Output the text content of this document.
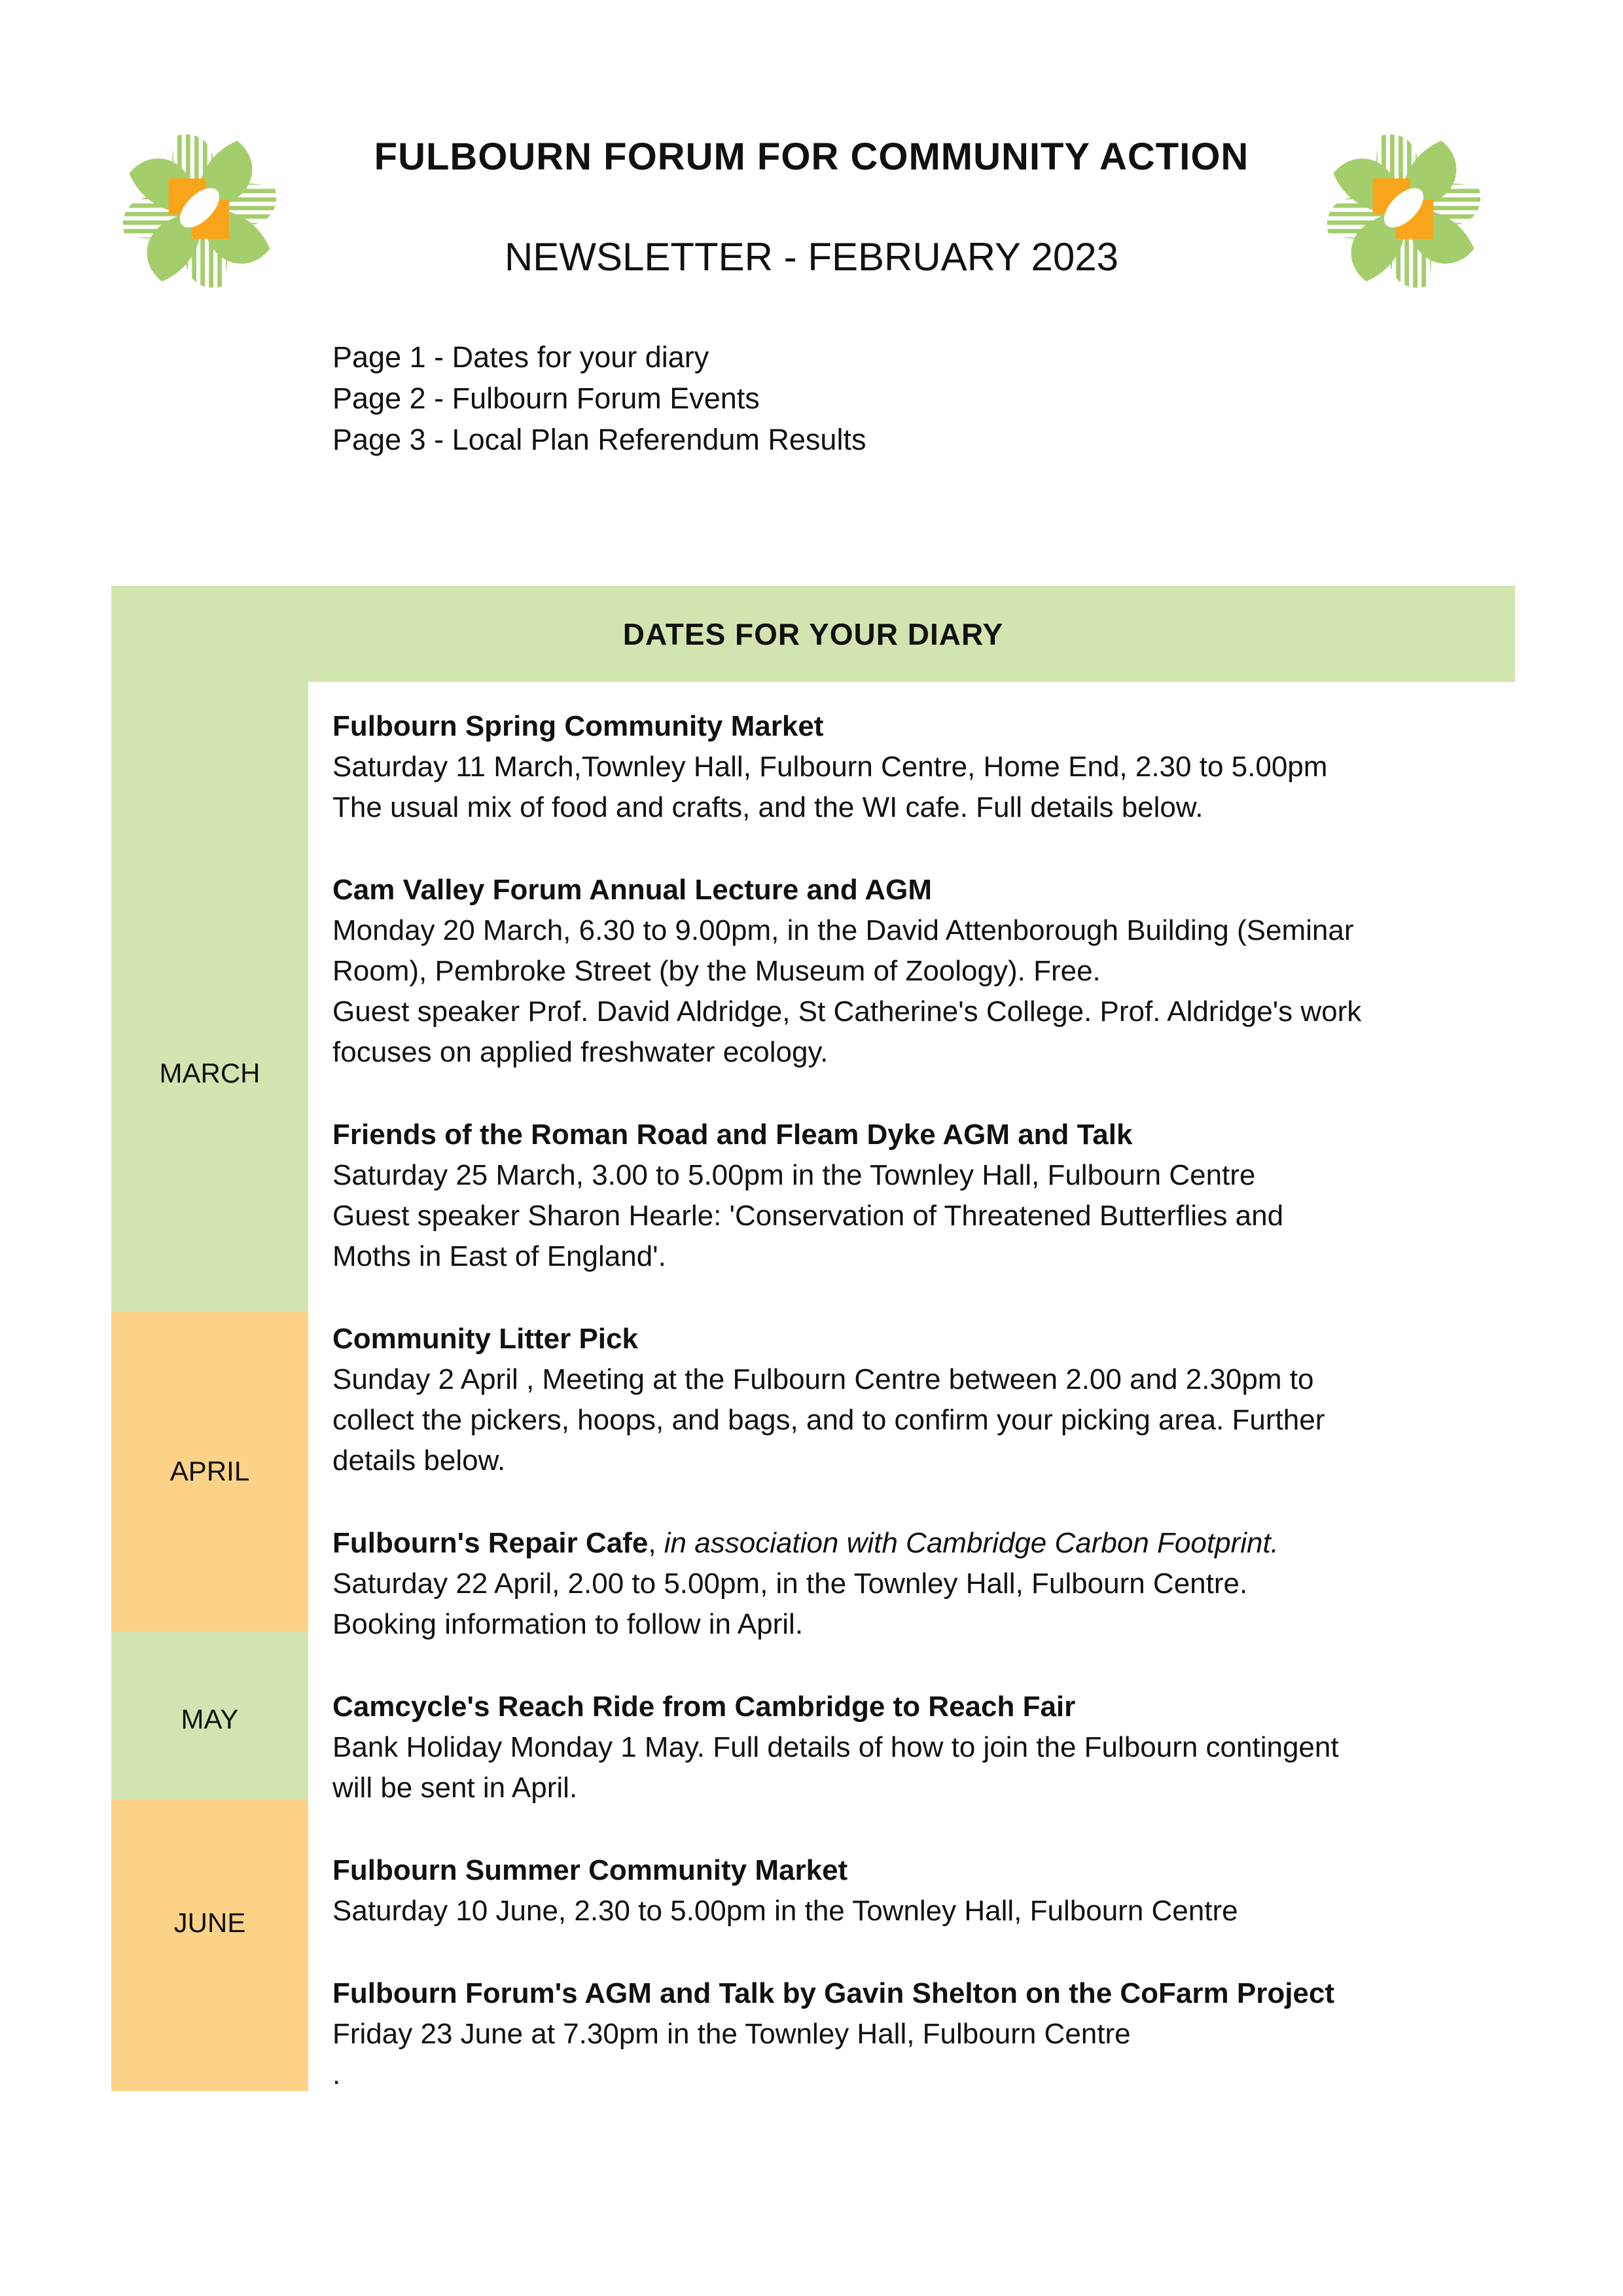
FULBOURN FORUM FOR COMMUNITY ACTION
NEWSLETTER - FEBRUARY 2023
Page 1 - Dates for your diary
Page 2 - Fulbourn Forum Events
Page 3 - Local Plan Referendum Results
DATES FOR YOUR DIARY
MARCH
APRIL
MAY
JUNE
Fulbourn Spring Community Market
Saturday 11 March,Townley Hall, Fulbourn Centre, Home End, 2.30 to 5.00pm
The usual mix of food and crafts, and the WI cafe. Full details below.
Cam Valley Forum Annual Lecture and AGM
Monday 20 March, 6.30 to 9.00pm, in the David Attenborough Building (Seminar
Room), Pembroke Street (by the Museum of Zoology). Free.
Guest speaker Prof. David Aldridge, St Catherine's College. Prof. Aldridge's work
focuses on applied freshwater ecology.
Friends of the Roman Road and Fleam Dyke AGM and Talk
Saturday 25 March, 3.00 to 5.00pm in the Townley Hall, Fulbourn Centre
Guest speaker Sharon Hearle: 'Conservation of Threatened Butterflies and
Moths in East of England'.
Community Litter Pick
Sunday 2 April , Meeting at the Fulbourn Centre between 2.00 and 2.30pm to
collect the pickers, hoops, and bags, and to confirm your picking area. Further
details below.
Fulbourn's Repair Cafe, in association with Cambridge Carbon Footprint.
Saturday 22 April, 2.00 to 5.00pm, in the Townley Hall, Fulbourn Centre.
Booking information to follow in April.
Camcycle's Reach Ride from Cambridge to Reach Fair
Bank Holiday Monday 1 May. Full details of how to join the Fulbourn contingent
will be sent in April.
Fulbourn Summer Community Market
Saturday 10 June, 2.30 to 5.00pm in the Townley Hall, Fulbourn Centre
Fulbourn Forum's AGM and Talk by Gavin Shelton on the CoFarm Project
Friday 23 June at 7.30pm in the Townley Hall, Fulbourn Centre
.
